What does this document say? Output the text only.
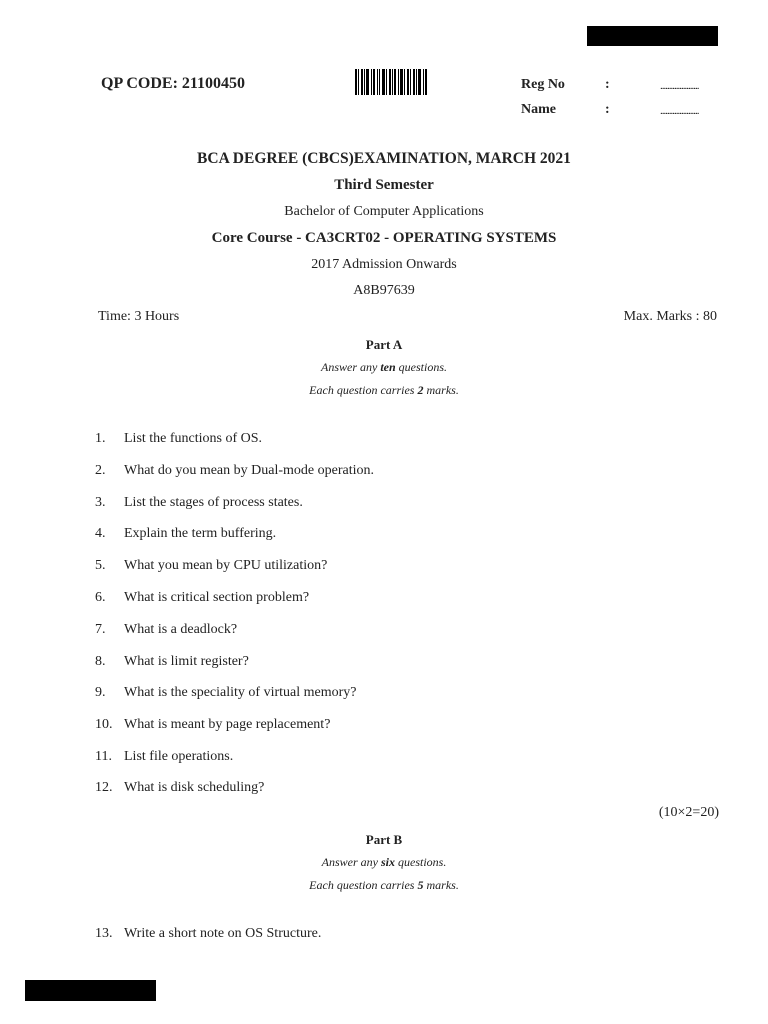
QP CODE: 21100450	Reg No	:	......................
Name	:	......................
BCA DEGREE (CBCS)EXAMINATION, MARCH 2021
Third Semester
Bachelor of Computer Applications
Core Course - CA3CRT02 - OPERATING SYSTEMS
2017 Admission Onwards
A8B97639
Time: 3 Hours	Max. Marks : 80
Part A
Answer any ten questions.
Each question carries 2 marks.
1. List the functions of OS.
2. What do you mean by Dual-mode operation.
3. List the stages of process states.
4. Explain the term buffering.
5. What you mean by CPU utilization?
6. What is critical section problem?
7. What is a deadlock?
8. What is limit register?
9. What is the speciality of virtual memory?
10. What is meant by page replacement?
11. List file operations.
12. What is disk scheduling?
(10×2=20)
Part B
Answer any six questions.
Each question carries 5 marks.
13. Write a short note on OS Structure.
